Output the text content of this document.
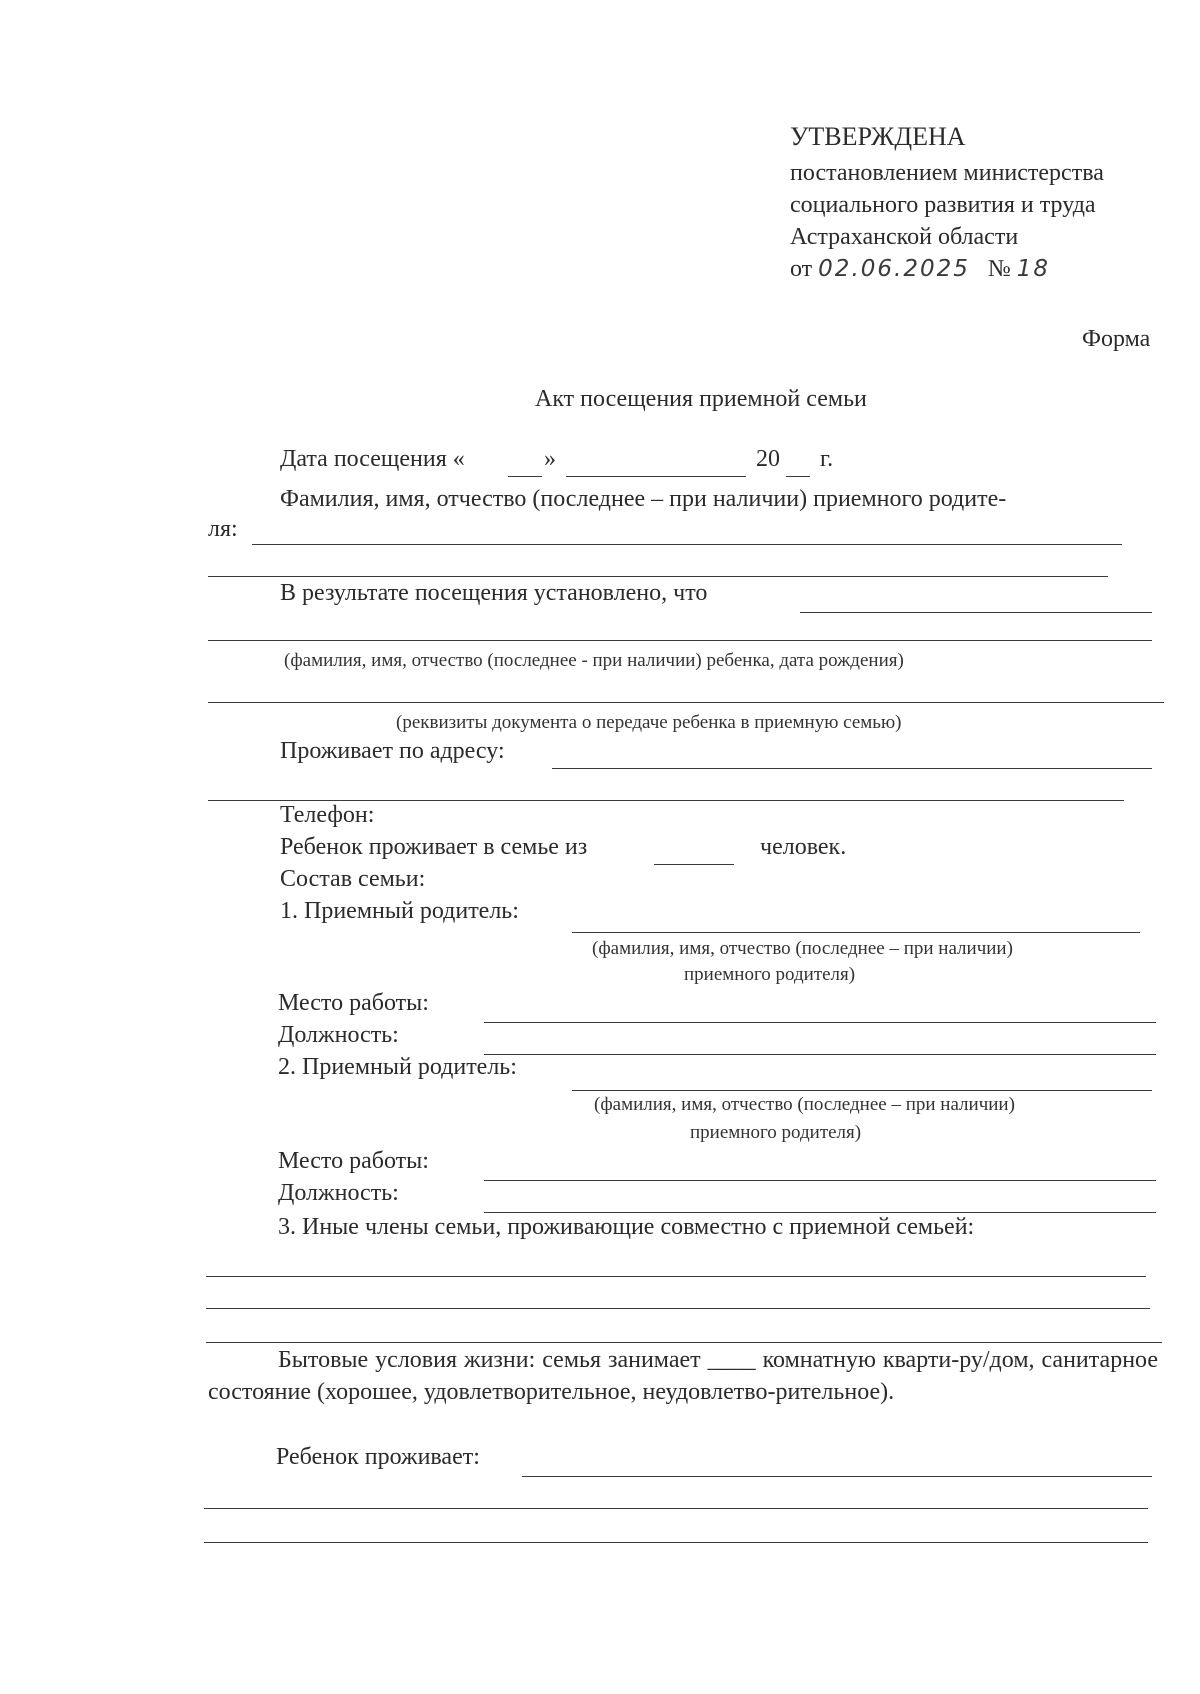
УТВЕРЖДЕНА
постановлением министерства
социального развития и труда
Астраханской области
от 02.06.2025 № 18
Форма
Акт посещения приемной семьи
Дата посещения «	»	20 г.
Фамилия, имя, отчество (последнее – при наличии) приемного родите-
ля:
В результате посещения установлено, что
(фамилия, имя, отчество (последнее - при наличии) ребенка, дата рождения)
(реквизиты документа о передаче ребенка в приемную семью)
Проживает по адресу:
Телефон:
Ребенок проживает в семье из	человек.
Состав семьи:
1. Приемный родитель:
(фамилия, имя, отчество (последнее – при наличии)
приемного родителя)
Место работы:
Должность:
2. Приемный родитель:
(фамилия, имя, отчество (последнее – при наличии)
приемного родителя)
Место работы:
Должность:
3. Иные члены семьи, проживающие совместно с приемной семьей:
Бытовые условия жизни: семья занимает ____ комнатную кварти-ру/дом, санитарное состояние (хорошее, удовлетворительное, неудовлетво-рительное).
Ребенок проживает:
